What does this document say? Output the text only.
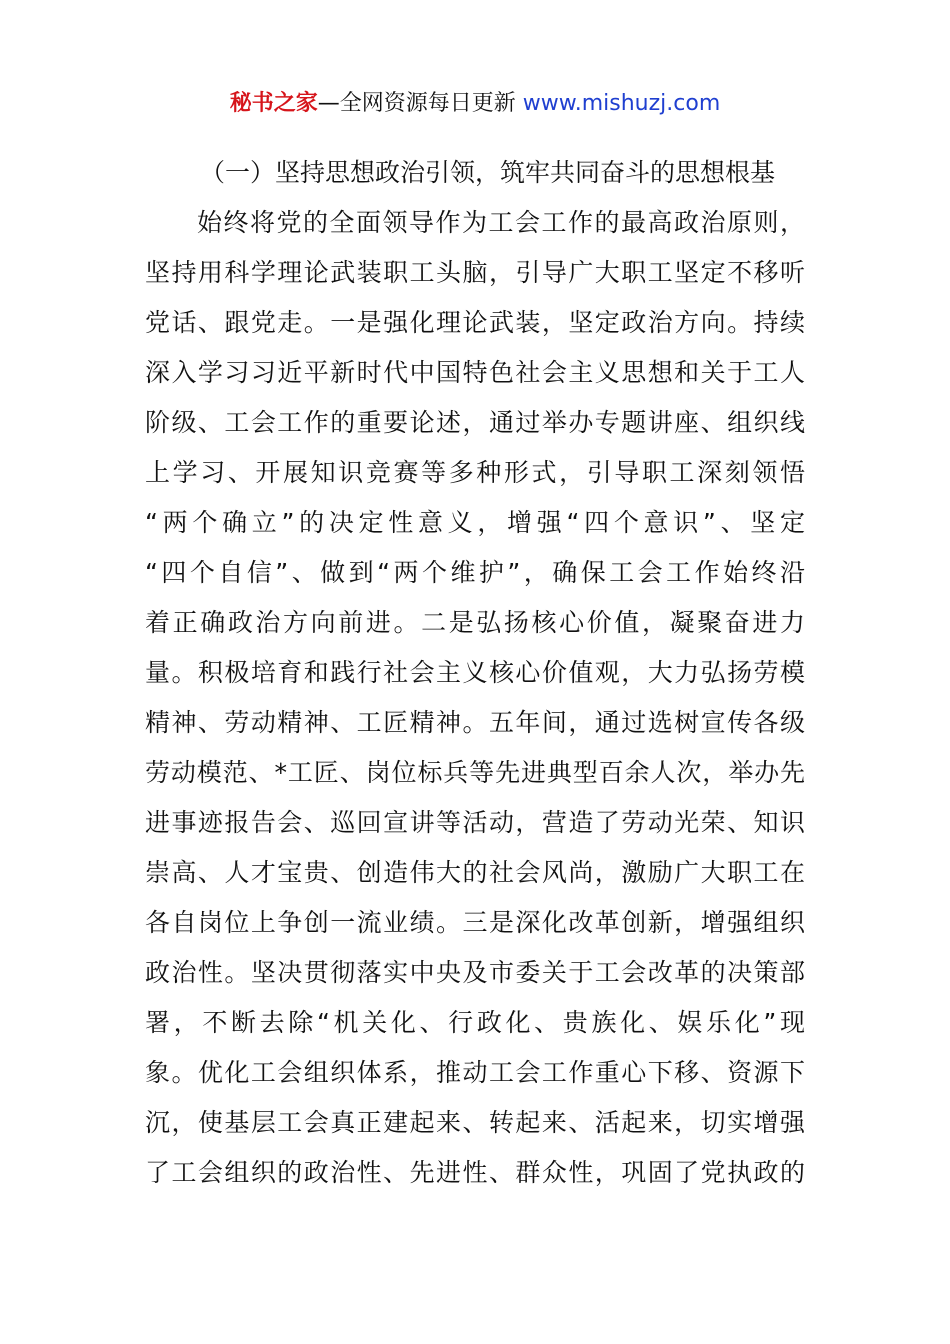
秘书之家—全网资源每日更新 www.mishuzj.com
（一）坚持思想政治引领，筑牢共同奋斗的思想根基
始终将党的全面领导作为工会工作的最高政治原则，
坚持用科学理论武装职工头脑，引导广大职工坚定不移听
党话、跟党走。一是强化理论武装，坚定政治方向。持续
深入学习习近平新时代中国特色社会主义思想和关于工人
阶级、工会工作的重要论述，通过举办专题讲座、组织线
上学习、开展知识竞赛等多种形式，引导职工深刻领悟
“两个确立”的决定性意义，增强“四个意识”、坚定
“四个自信”、做到“两个维护”，确保工会工作始终沿
着正确政治方向前进。二是弘扬核心价值，凝聚奋进力
量。积极培育和践行社会主义核心价值观，大力弘扬劳模
精神、劳动精神、工匠精神。五年间，通过选树宣传各级
劳动模范、*工匠、岗位标兵等先进典型百余人次，举办先
进事迹报告会、巡回宣讲等活动，营造了劳动光荣、知识
崇高、人才宝贵、创造伟大的社会风尚，激励广大职工在
各自岗位上争创一流业绩。三是深化改革创新，增强组织
政治性。坚决贯彻落实中央及市委关于工会改革的决策部
署，不断去除“机关化、行政化、贵族化、娱乐化”现
象。优化工会组织体系，推动工会工作重心下移、资源下
沉，使基层工会真正建起来、转起来、活起来，切实增强
了工会组织的政治性、先进性、群众性，巩固了党执政的
